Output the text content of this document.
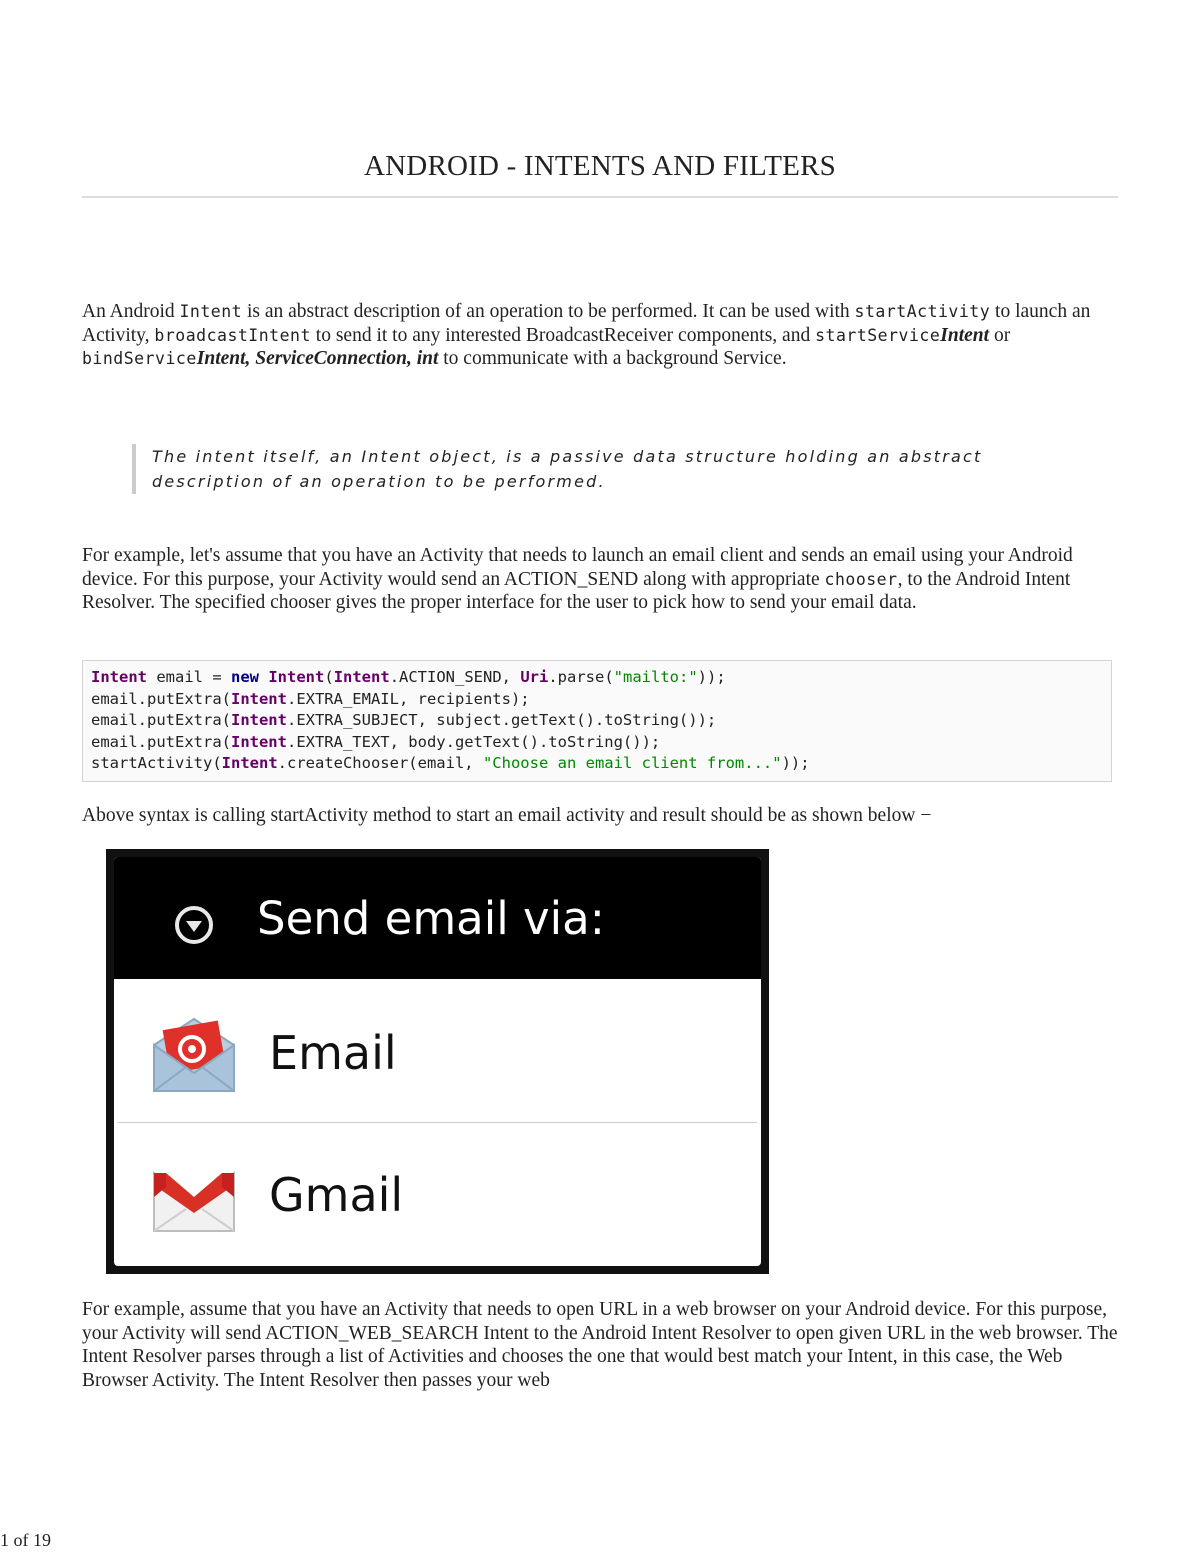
ANDROID - INTENTS AND FILTERS

An Android Intent is an abstract description of an operation to be performed. It can be used with startActivity to launch an Activity, broadcastIntent to send it to any interested BroadcastReceiver components, and startServiceIntent or bindServiceIntent, ServiceConnection, int to communicate with a background Service.

The intent itself, an Intent object, is a passive data structure holding an abstract description of an operation to be performed.

For example, let's assume that you have an Activity that needs to launch an email client and sends an email using your Android device. For this purpose, your Activity would send an ACTION_SEND along with appropriate chooser, to the Android Intent Resolver. The specified chooser gives the proper interface for the user to pick how to send your email data.

Intent email = new Intent(Intent.ACTION_SEND, Uri.parse("mailto:"));
email.putExtra(Intent.EXTRA_EMAIL, recipients);
email.putExtra(Intent.EXTRA_SUBJECT, subject.getText().toString());
email.putExtra(Intent.EXTRA_TEXT, body.getText().toString());
startActivity(Intent.createChooser(email, "Choose an email client from..."));

Above syntax is calling startActivity method to start an email activity and result should be as shown below −

Send email via:
Email
Gmail

For example, assume that you have an Activity that needs to open URL in a web browser on your Android device. For this purpose, your Activity will send ACTION_WEB_SEARCH Intent to the Android Intent Resolver to open given URL in the web browser. The Intent Resolver parses through a list of Activities and chooses the one that would best match your Intent, in this case, the Web Browser Activity. The Intent Resolver then passes your web

1 of 19
